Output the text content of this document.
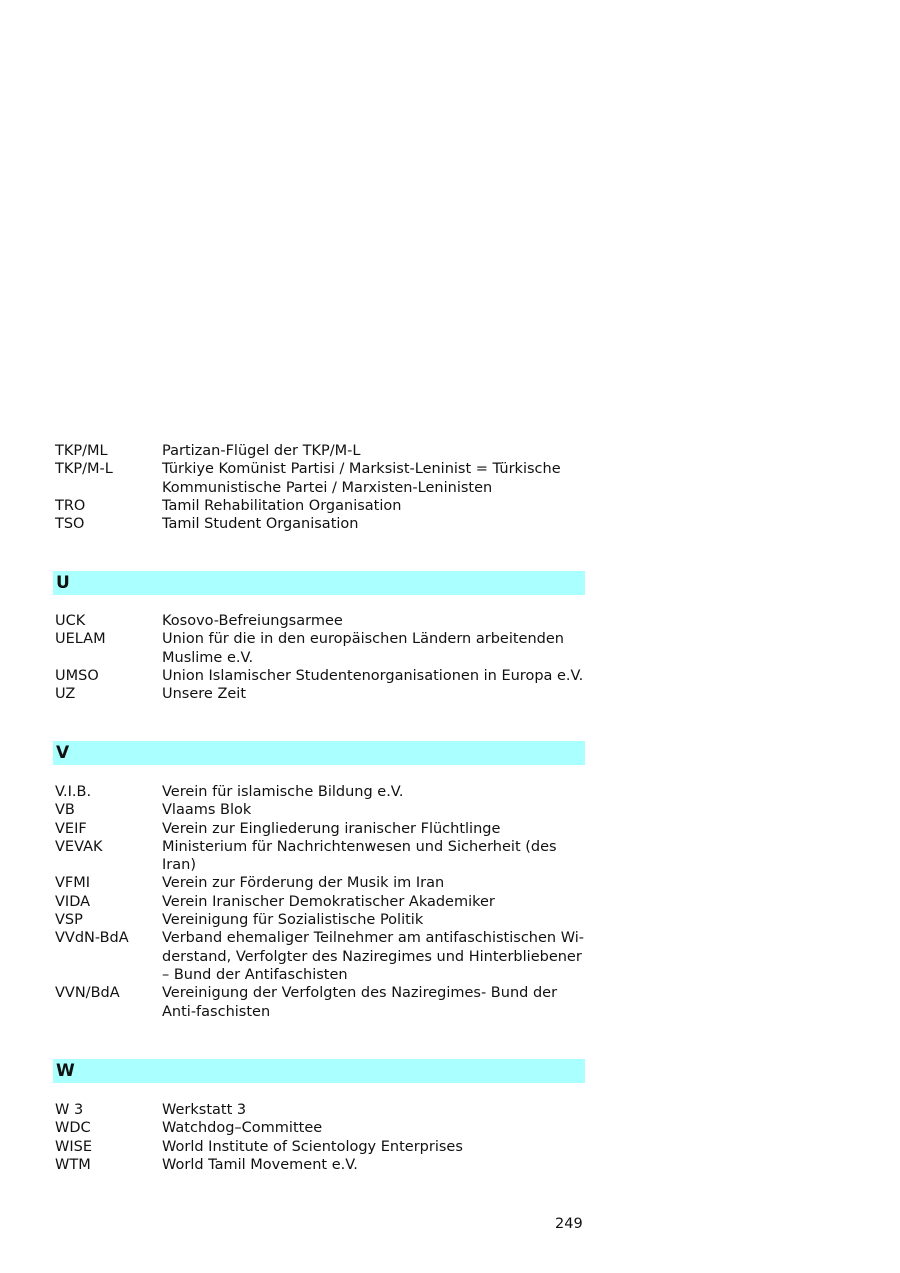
TKP/ML	Partizan-Flügel der TKP/M-L
TKP/M-L	Türkiye Komünist Partisi / Marksist-Leninist = Türkische Kommunistische Partei / Marxisten-Leninisten
TRO	Tamil Rehabilitation Organisation
TSO	Tamil Student Organisation
U
UCK	Kosovo-Befreiungsarmee
UELAM	Union für die in den europäischen Ländern arbeitenden Muslime e.V.
UMSO	Union Islamischer Studentenorganisationen in Europa e.V.
UZ	Unsere Zeit
V
V.I.B.	Verein für islamische Bildung e.V.
VB	Vlaams Blok
VEIF	Verein zur Eingliederung iranischer Flüchtlinge
VEVAK	Ministerium für Nachrichtenwesen und Sicherheit (des Iran)
VFMI	Verein zur Förderung der Musik im Iran
VIDA	Verein Iranischer Demokratischer Akademiker
VSP	Vereinigung für Sozialistische Politik
VVdN-BdA	Verband ehemaliger Teilnehmer am antifaschistischen Wi-derstand, Verfolgter des Naziregimes und Hinterbliebener – Bund der Antifaschisten
VVN/BdA	Vereinigung der Verfolgten des Naziregimes- Bund der Anti-faschisten
W
W 3	Werkstatt 3
WDC	Watchdog–Committee
WISE	World Institute of Scientology Enterprises
WTM	World Tamil Movement e.V.
249
